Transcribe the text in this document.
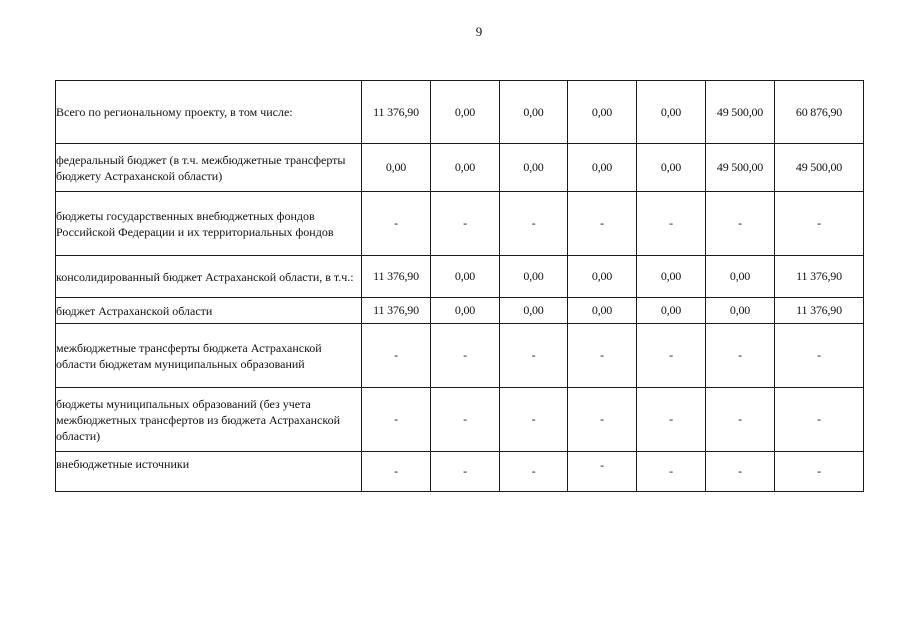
9
Всего по региональному проекту, в том числе:	11 376,90	0,00	0,00	0,00	0,00	49 500,00	60 876,90
федеральный бюджет (в т.ч. межбюджетные трансферты бюджету Астраханской области)	0,00	0,00	0,00	0,00	0,00	49 500,00	49 500,00
бюджеты государственных внебюджетных фондов Российской Федерации и их территориальных фондов	-	-	-	-	-	-	-
консолидированный бюджет Астраханской области, в т.ч.:	11 376,90	0,00	0,00	0,00	0,00	0,00	11 376,90
бюджет Астраханской области	11 376,90	0,00	0,00	0,00	0,00	0,00	11 376,90
межбюджетные трансферты бюджета Астраханской области бюджетам муниципальных образований	-	-	-	-	-	-	-
бюджеты муниципальных образований (без учета межбюджетных трансфертов из бюджета Астраханской области)	-	-	-	-	-	-	-
внебюджетные источники	-	-	-	-	-	-	-
